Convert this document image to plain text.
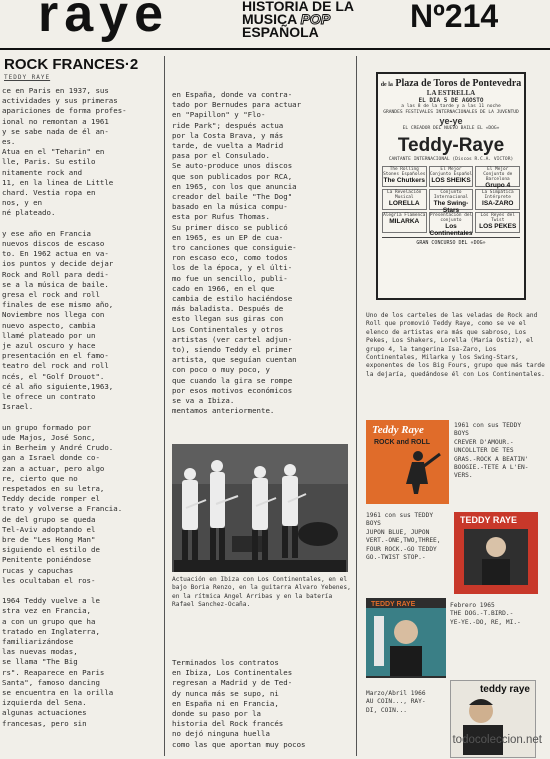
raye	HISTORIA DE LA
MUSICA POP
ESPAÑOLA	Nº214
ROCK FRANCES·2
TEDDY RAYE
ce en Paris en 1937, sus
actividades y sus primeras
apariciones de forma profes-
ional no remontan a 1961
y se sabe nada de él an-
es.
Atua en el "Teharin" en
lle, Paris. Su estilo
nitamente rock and
11, en la linea de Little
chard. Vestia ropa en
nos, y en
né plateado.

y ese año en Francia
nuevos discos de escaso
to. En 1962 actua en va-
ios puntos y decide dejar
Rock and Roll para dedi-
se a la música de baile.
gresa el rock and roll
finales de ese mismo año,
Noviembre nos llega con
nuevo aspecto, cambia
llamé plateado por un
je azul oscuro y hace
presentación en el famo-
teatro del rock and roll
ncés, el "Golf Drouot".
cé al año siguiente,1963,
le ofrece un contrato
Israel.

un grupo formado por
ude Majos, José Sonc,
in Berheim y André Crudo.
gan a Israel donde co-
zan a actuar, pero algo
re, cierto que no
respetados en su letra,
Teddy decide romper el
trato y volverse a Francia.
de del grupo se queda
Tel-Aviv adoptando el
bre de "Les Hong Man"
siguiendo el estilo de
Penitente poniéndose
rucas y capuchas
les ocultaban el ros-

1964 Teddy vuelve a le
stra vez en Francia,
a con un grupo que ha
tratado en Inglaterra,
familiarizándose
las nuevas modas,
se llama "The Big
rs". Reaparece en Paris
Santa", famoso dancing
se encuentra en la orilla
izquierda del Sena.
algunas actuaciones
francesas, pero sin
en España, donde va contra-
tado por Bernudes para actuar
en "Papillon" y "Flo-
ride Park"; después actua
por la Costa Brava, y más
tarde, de vuelta a Madrid
pasa por el Consulado.
Se auto-produce unos discos
que son publicados por RCA,
en 1965, con los que anuncia
creador del baile "The Dog"
basado en la música compu-
esta por Rufus Thomas.
Su primer disco se publicó
en 1965, es un EP de cua-
tro canciones que consiguie-
ron escaso eco, como todos
los de la época, y el últi-
mo fue un sencillo, publi-
cado en 1966, en el que
cambia de estilo haciéndose
más baladista. Después de
esto llegan sus giras con
Los Continentales y otros
artistas (ver cartel adjun-
to), siendo Teddy el primer
artista, que seguían cuentan
con poco o muy poco, y
que cuando la gira se rompe
por esos motivos económicos
se va a Ibiza.
mentamos anteriormente.
Actuación en Ibiza con Los Continentales, en el bajo Boria Renzo, en la guitarra Alvaro Yebenes, en la rítmica Angel Arribas y en la batería Rafael Sanchez-Ocaña.
Terminados los contratos
en Ibiza, Los Continentales
regresan a Madrid y de Ted-
dy nunca más se supo, ni
en España ni en Francia,
donde su paso por la
historia del Rock francés
no dejó ninguna huella
como las que aportan muy pocos
de la Plaza de Toros de Pontevedra
LA ESTRELLA
EL DIA 5 DE AGOSTO
a las 8 de la tarde y a las 11 noche
GRANDES FESTIVALES INTERNACIONALES DE LA JUVENTUD
ye-ye
EL CREADOR DEL NUEVO BAILE EL «DOG»
Teddy-Raye
CANTANTE INTERNACIONAL (Discos R.C.A. VICTOR)
The Rolling Stones Españoles
The Chutkers
El Mejor Conjunto Español
LOS SHEIKS
El Mejor Conjunto de Barcelona
Grupo 4
La Revelación Musical
LORELLA
Conjunto Internacional
The Swing-Stars
La Simpática Intérprete
ISA-ZARO
Alegria Flamenca
MILARKA
Presentación del conjunto
Los Continentales
Los Reyes del Twist
LOS PEKES
GRAN CONCURSO DEL «DOG»
Uno de los carteles de las veladas de Rock and Roll que promovió Teddy Raye, como se ve el elenco de artistas era más que sabroso, Los Pekes, Los Shakers, Lorella (María Ostiz), el grupo 4, la tangerina Isa-Zaro, Los Continentales, Milarka y los Swing-Stars, exponentes de los Big Fours, grupo que más tarde la dejaría, quedándose él con Los Continentales.
Teddy Raye
ROCK and ROLL
1961 con sus TEDDY
BOYS
CREVER D'AMOUR.-
UNCOLLTER DE TES
GRAS.-ROCK A BEATIN'
BOOGIE.-TETE A L'EN-
VERS.
1961 con sus TEDDY
BOYS
JUPON BLUE, JUPON
VERT.-ONE,TWO,THREE,
FOUR ROCK.-GO TEDDY
GO.-TWIST STOP.-
TEDDY RAYE
TEDDY RAYE	Febrero 1965
THE DOG.-T.BIRD.-
YE-YE.-DO, RE, MI.-
Marzo/Abril 1966
AU COIN..., RAY-
DI, COIN...
teddy raye
todocoleccion.net
